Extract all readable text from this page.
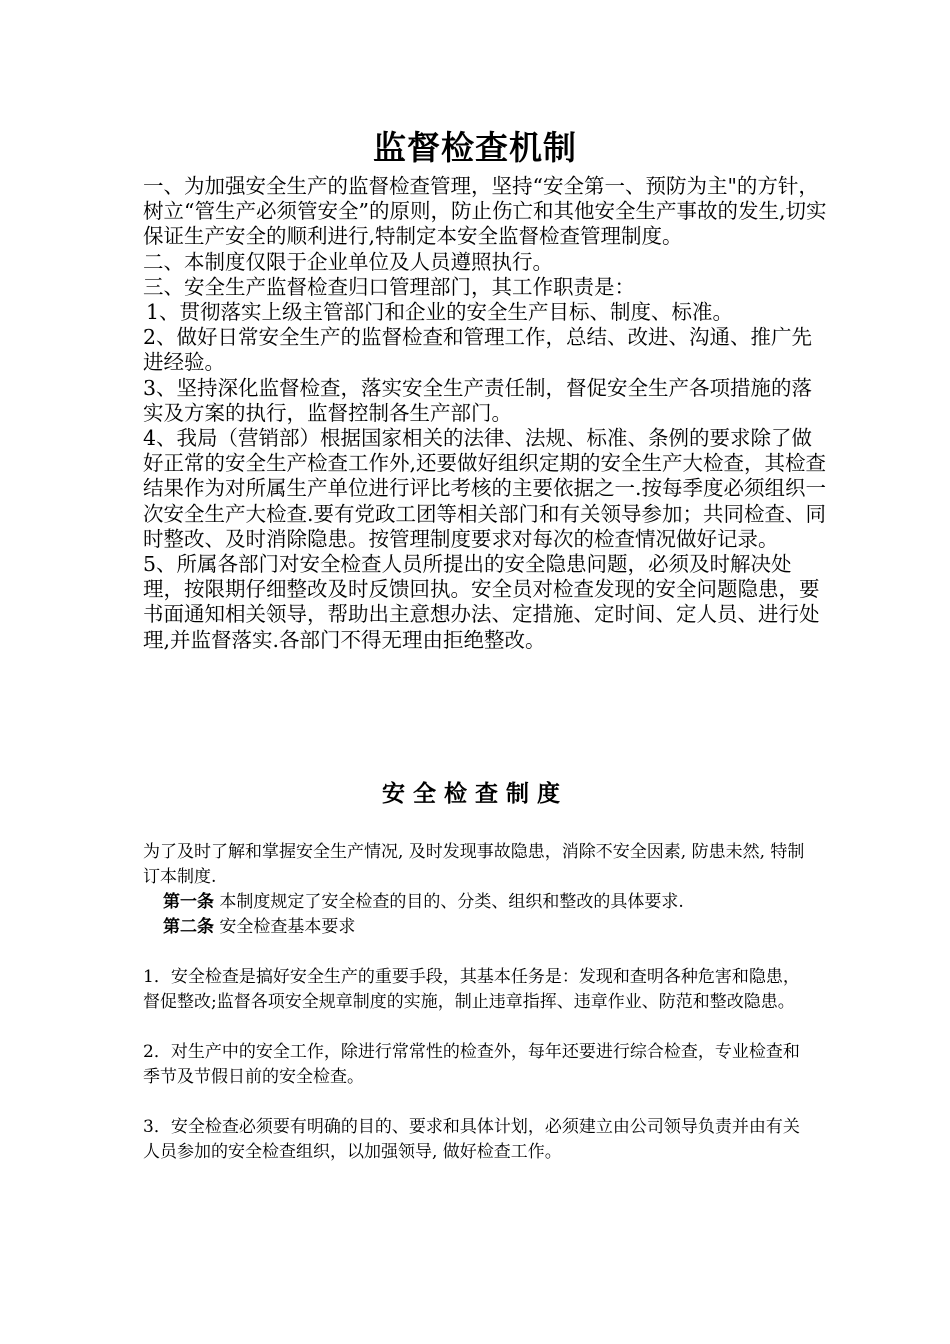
监督检查机制

一、为加强安全生产的监督检查管理，坚持“安全第一、预防为主"的方针，树立“管生产必须管安全”的原则，防止伤亡和其他安全生产事故的发生,切实保证生产安全的顺利进行,特制定本安全监督检查管理制度。

二、本制度仅限于企业单位及人员遵照执行。

三、安全生产监督检查归口管理部门，其工作职责是：

1、贯彻落实上级主管部门和企业的安全生产目标、制度、标准。

2、做好日常安全生产的监督检查和管理工作，总结、改进、沟通、推广先进经验。

3、坚持深化监督检查，落实安全生产责任制，督促安全生产各项措施的落实及方案的执行，监督控制各生产部门。

4、我局（营销部）根据国家相关的法律、法规、标准、条例的要求除了做好正常的安全生产检查工作外,还要做好组织定期的安全生产大检查，其检查结果作为对所属生产单位进行评比考核的主要依据之一.按每季度必须组织一次安全生产大检查.要有党政工团等相关部门和有关领导参加；共同检查、同时整改、及时消除隐患。按管理制度要求对每次的检查情况做好记录。

5、所属各部门对安全检查人员所提出的安全隐患问题，必须及时解决处理，按限期仔细整改及时反馈回执。安全员对检查发现的安全问题隐患，要书面通知相关领导，帮助出主意想办法、定措施、定时间、定人员、进行处理,并监督落实.各部门不得无理由拒绝整改。

安全检查制度

为了及时了解和掌握安全生产情况, 及时发现事故隐患，消除不安全因素, 防患未然, 特制订本制度.

第一条 本制度规定了安全检查的目的、分类、组织和整改的具体要求.

第二条 安全检查基本要求

1．安全检查是搞好安全生产的重要手段，其基本任务是：发现和查明各种危害和隐患，督促整改;监督各项安全规章制度的实施，制止违章指挥、违章作业、防范和整改隐患。

2．对生产中的安全工作，除进行常常性的检查外，每年还要进行综合检查，专业检查和季节及节假日前的安全检查。

3．安全检查必须要有明确的目的、要求和具体计划，必须建立由公司领导负责并由有关人员参加的安全检查组织，以加强领导, 做好检查工作。
